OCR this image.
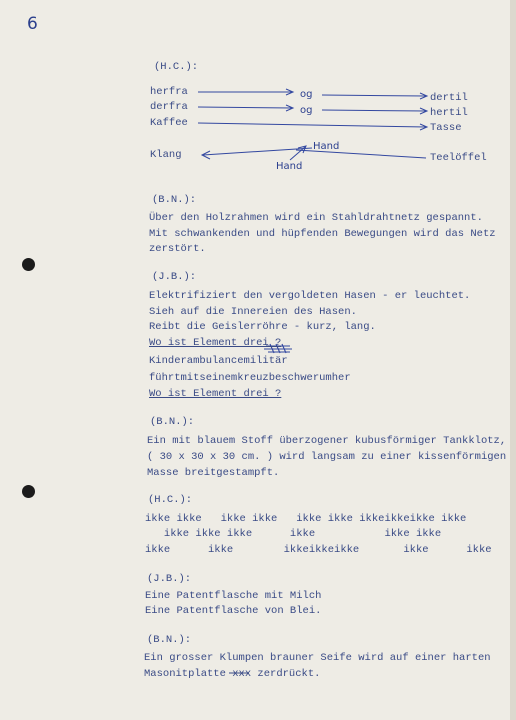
6
(H.C.):
herfra
derfra
Kaffee
Klang
og
og
dertil
hertil
Tasse
Teelöffel
Hand
Hand
(B.N.):
Über den Holzrahmen wird ein Stahldrahtnetz gespannt.
Mit schwankenden und hüpfenden Bewegungen wird das Netz
zerstört.
(J.B.):
Elektrifiziert den vergoldeten Hasen - er leuchtet.
Sieh auf die Innereien des Hasen.
Reibt die Geislerröhre - kurz, lang.
Wo ist Element drei ?
Kinderambulancemilitär
führtmitseinemkreuzbeschwerumher
Wo ist Element drei ?
(B.N.):
Ein mit blauem Stoff überzogener kubusförmiger Tankklotz,
( 30 x 30 x 30 cm. ) wird langsam zu einer kissenförmigen
Masse breitgestampft.
(H.C.):
ikke ikke   ikke ikke   ikke ikke ikkeikkeikke ikke
ikke ikke ikke      ikke           ikke ikke
ikke      ikke        ikkeikkeikke       ikke      ikke
(J.B.):
Eine Patentflasche mit Milch
Eine Patentflasche von Blei.
(B.N.):
Ein grosser Klumpen brauner Seife wird auf einer harten
Masonitplatte xxx zerdrückt.
